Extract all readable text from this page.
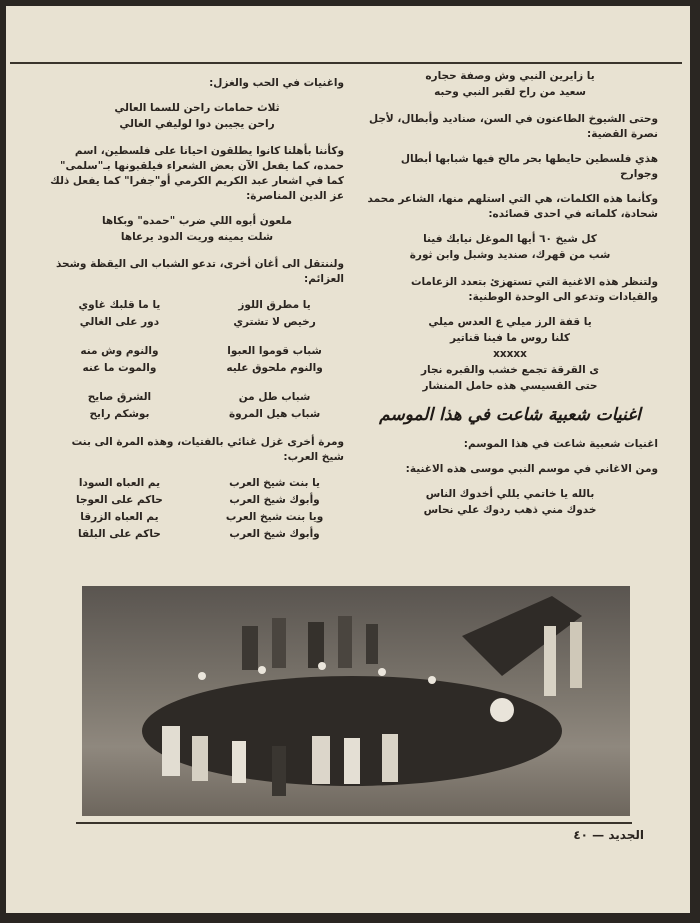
يا زايرين النبي وش وصفة حجاره
سعيد من راح لقبر النبي وحبه

وحتى الشيوخ الطاعنون في السن، صناديد وأبطال، لأجل نصرة القضية:

هذي فلسطين حايطها بحر مالح فيها شبابها أبطال وجوارح

وكأنما هذه الكلمات، هي التي استلهم منها، الشاعر محمد شحادة، كلماته في احدى قصائده:

كل شيخ ٦٠ أيها الموغل نيابك فينا
شب من قهرك، صنديد وشبل وابن ثورة

ولتنظر هذه الاغنية التي تستهزئ بتعدد الزعامات والقيادات وتدعو الى الوحدة الوطنية:

يا قفة الرز ميلي ع العدس ميلي
كلنا روس ما فينا قناتير
xxxxx
ى القرقة تجمع خشب والقبره نجار
حتى القسيسي هذه حامل المنشار
اغنيات شعبية شاعت في هذا الموسم

اغنيات شعبية شاعت في هذا الموسم:

ومن الاغاني في موسم النبي موسى هذه الاغنية:

بالله يا خاتمي يللي أخدوك الناس
خدوك مني ذهب ردوك علي نحاس

واغنيات في الحب والغزل:

ثلاث حمامات راحن للسما العالي
راحن يجيبن دوا لوليفي الغالي

وكأننا بأهلنا كانوا يطلقون احيانا على فلسطين، اسم حمده، كما يفعل الآن بعض الشعراء فيلقبونها بـ"سلمى" كما في اشعار عبد الكريم الكرمي أو"جفرا" كما يفعل ذلك عز الدين المناصرة:

ملعون أبوه اللي ضرب "حمده" وبكاها
شلت يمينه وريت الدود يرعاها

ولننتقل الى أغان أخرى، تدعو الشباب الى اليقظة وشحذ العزائم:

يا مطرق اللوز
يا ما قلبك غاوي
رخيص لا تشتري
دور على الغالي
شباب قوموا العبوا
والنوم وش منه
والنوم ملحوق عليه
والموت ما عنه
شباب طل من
الشرق صايح
شباب هيل المروة
بوشكم رايح

ومرة أخرى غزل غنائي بالفتيات، وهذه المرة الى بنت شيخ العرب:

يا بنت شيخ العرب
يم العباه السودا
وأبوك شيخ العرب
حاكم على العوجا
ويا بنت شيخ العرب
يم العباه الزرقا
وأبوك شيخ العرب
حاكم على البلقا
الجديد — ٤٠
